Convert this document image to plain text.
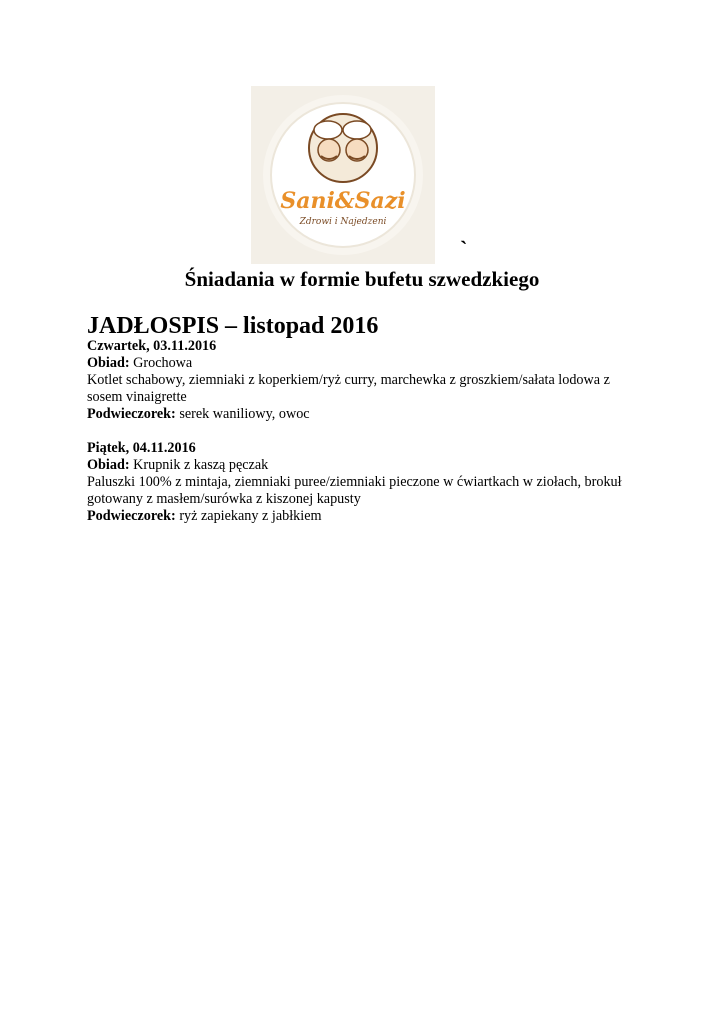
Sani&Sazi
Zdrowi i Najedzeni
`
Śniadania w formie bufetu szwedzkiego
JADŁOSPIS – listopad 2016
Czwartek, 03.11.2016
Obiad: Grochowa
Kotlet schabowy, ziemniaki z koperkiem/ryż curry, marchewka z groszkiem/sałata lodowa z sosem vinaigrette
Podwieczorek: serek waniliowy, owoc
Piątek, 04.11.2016
Obiad: Krupnik z kaszą pęczak
Paluszki 100% z mintaja, ziemniaki puree/ziemniaki pieczone w ćwiartkach w ziołach, brokuł gotowany z masłem/surówka z kiszonej kapusty
Podwieczorek: ryż zapiekany z jabłkiem
